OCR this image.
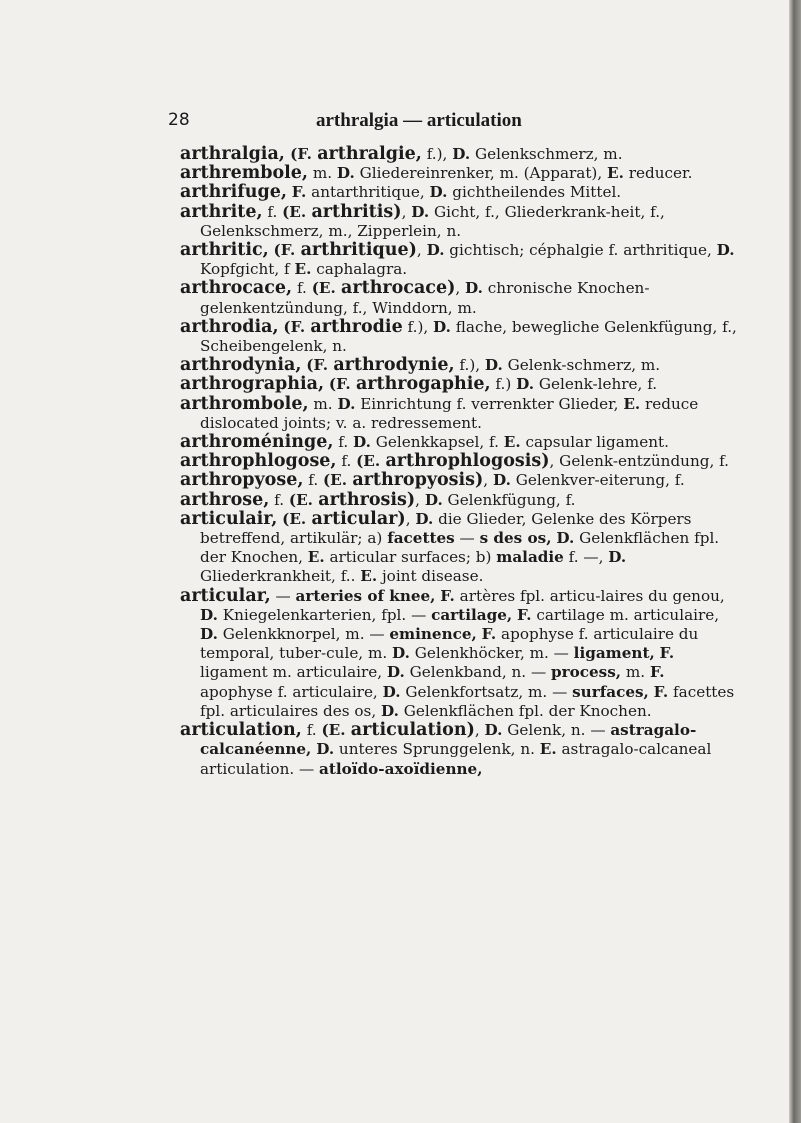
28	arthralgia — articulation

arthralgia, (F. arthralgie, f.), D. Gelenkschmerz, m.

arthrembole, m. D. Gliedereinrenker, m. (Apparat), E. reducer.

arthrifuge, F. antarthritique, D. gichtheilendes Mittel.

arthrite, f. (E. arthritis), D. Gicht, f., Gliederkrank-heit, f., Gelenkschmerz, m., Zipperlein, n.

arthritic, (F. arthritique), D. gichtisch; céphalgie f. arthritique, D. Kopfgicht, f E. caphalagra.

arthrocace, f. (E. arthrocace), D. chronische Knochen-gelenkentzündung, f., Winddorn, m.

arthrodia, (F. arthrodie f.), D. flache, bewegliche Gelenkfügung, f., Scheibengelenk, n.

arthrodynia, (F. arthrodynie, f.), D. Gelenk-schmerz, m.

arthrographia, (F. arthrogaphie, f.) D. Gelenk-lehre, f.

arthrombole, m. D. Einrichtung f. verrenkter Glieder, E. reduce dislocated joints; v. a. redressement.

arthroméninge, f. D. Gelenkkapsel, f. E. capsular ligament.

arthrophlogose, f. (E. arthrophlogosis), Gelenk-entzündung, f.

arthropyose, f. (E. arthropyosis), D. Gelenkver-eiterung, f.

arthrose, f. (E. arthrosis), D. Gelenkfügung, f.

articulair, (E. articular), D. die Glieder, Gelenke des Körpers betreffend, artikulär; a) facettes — s des os, D. Gelenkflächen fpl. der Knochen, E. articular surfaces; b) maladie f. —, D. Gliederkrankheit, f.. E. joint disease.

articular, — arteries of knee, F. artères fpl. articu-laires du genou, D. Kniegelenkarterien, fpl. — cartilage, F. cartilage m. articulaire, D. Gelenkknorpel, m. — eminence, F. apophyse f. articulaire du temporal, tuber-cule, m. D. Gelenkhöcker, m. — ligament, F. ligament m. articulaire, D. Gelenkband, n. — process, m. F. apophyse f. articulaire, D. Gelenkfortsatz, m. — surfaces, F. facettes fpl. articulaires des os, D. Gelenkflächen fpl. der Knochen.

articulation, f. (E. articulation), D. Gelenk, n. — astragalo-calcanéenne, D. unteres Sprunggelenk, n. E. astragalo-calcaneal articulation. — atloïdo-axoïdienne,
